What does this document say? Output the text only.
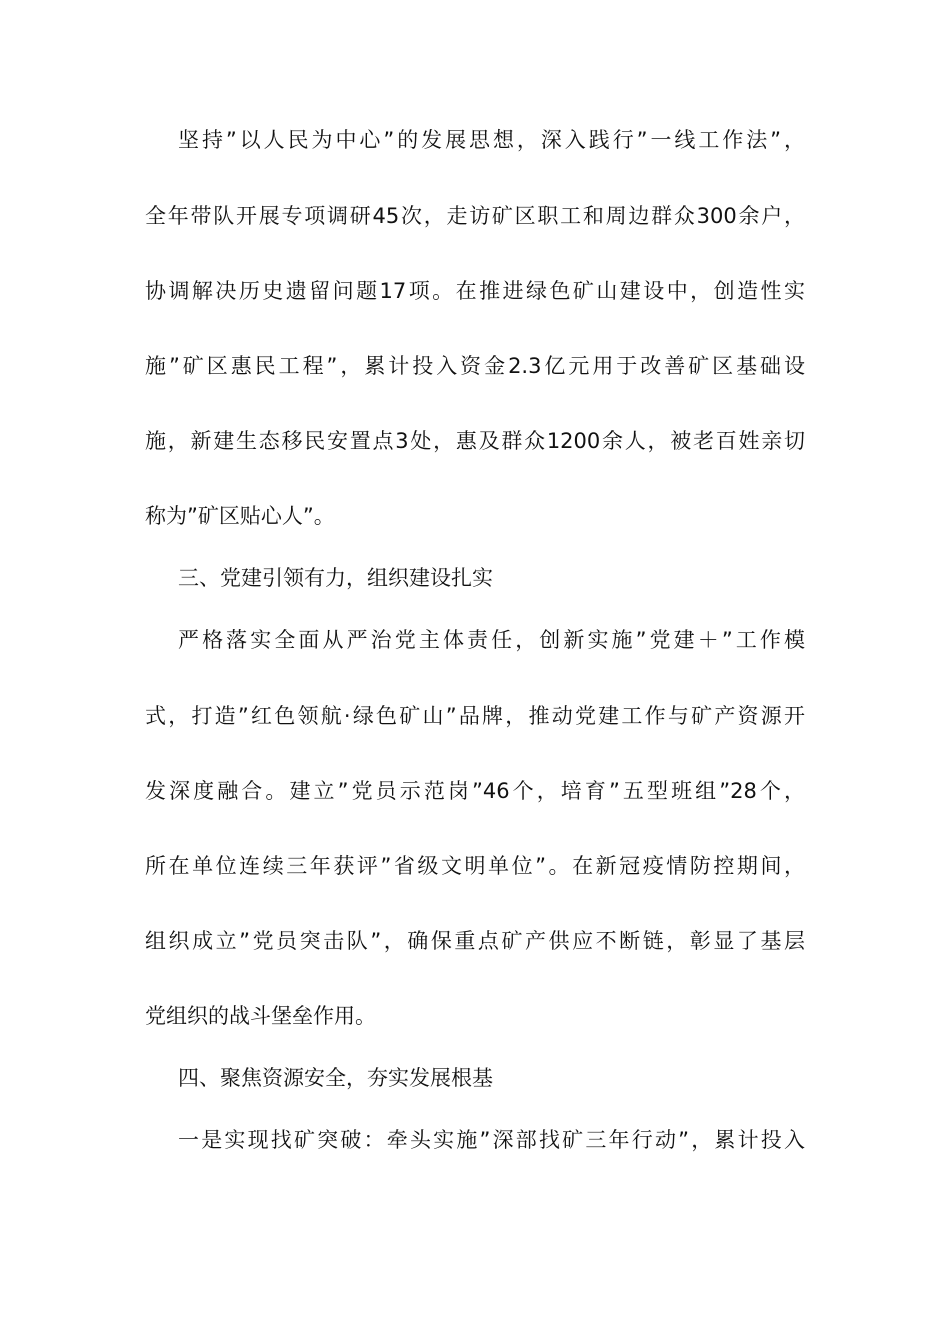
坚持”以人民为中心”的发展思想，深入践行”一线工作法”，
全年带队开展专项调研45次，走访矿区职工和周边群众300余户，
协调解决历史遗留问题17项。在推进绿色矿山建设中，创造性实
施”矿区惠民工程”，累计投入资金2.3亿元用于改善矿区基础设
施，新建生态移民安置点3处，惠及群众1200余人，被老百姓亲切
称为”矿区贴心人”。
三、党建引领有力，组织建设扎实
严格落实全面从严治党主体责任，创新实施”党建＋”工作模
式，打造”红色领航·绿色矿山”品牌，推动党建工作与矿产资源开
发深度融合。建立”党员示范岗”46个，培育”五型班组”28个，
所在单位连续三年获评”省级文明单位”。在新冠疫情防控期间，
组织成立”党员突击队”，确保重点矿产供应不断链，彰显了基层
党组织的战斗堡垒作用。
四、聚焦资源安全，夯实发展根基
一是实现找矿突破：牵头实施”深部找矿三年行动”，累计投入
